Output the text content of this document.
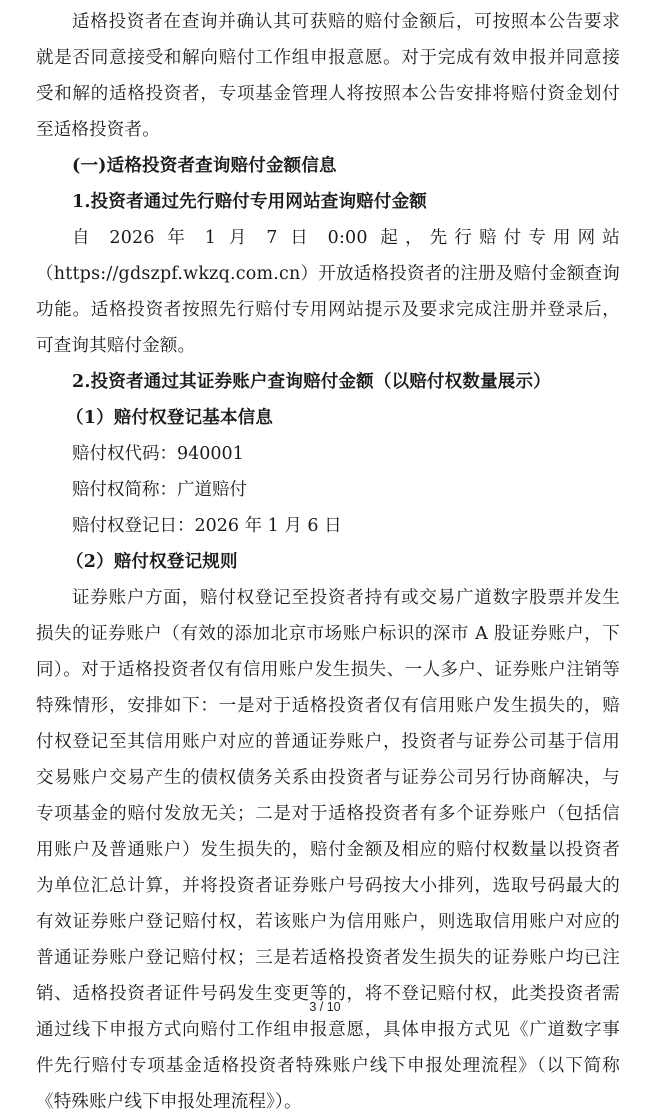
适格投资者在查询并确认其可获赔的赔付金额后，可按照本公告要求就是否同意接受和解向赔付工作组申报意愿。对于完成有效申报并同意接受和解的适格投资者，专项基金管理人将按照本公告安排将赔付资金划付至适格投资者。

(一)适格投资者查询赔付金额信息

1.投资者通过先行赔付专用网站查询赔付金额

自 2026 年 1 月 7 日 0:00 起，先行赔付专用网站

（https://gdszpf.wkzq.com.cn）开放适格投资者的注册及赔付金额查询功能。适格投资者按照先行赔付专用网站提示及要求完成注册并登录后，可查询其赔付金额。

2.投资者通过其证券账户查询赔付金额（以赔付权数量展示）

（1）赔付权登记基本信息

赔付权代码：940001

赔付权简称：广道赔付

赔付权登记日：2026 年 1 月 6 日

（2）赔付权登记规则

证券账户方面，赔付权登记至投资者持有或交易广道数字股票并发生损失的证券账户（有效的添加北京市场账户标识的深市 A 股证券账户，下同）。对于适格投资者仅有信用账户发生损失、一人多户、证券账户注销等特殊情形，安排如下：一是对于适格投资者仅有信用账户发生损失的，赔付权登记至其信用账户对应的普通证券账户，投资者与证券公司基于信用交易账户交易产生的债权债务关系由投资者与证券公司另行协商解决，与专项基金的赔付发放无关；二是对于适格投资者有多个证券账户（包括信用账户及普通账户）发生损失的，赔付金额及相应的赔付权数量以投资者为单位汇总计算，并将投资者证券账户号码按大小排列，选取号码最大的有效证券账户登记赔付权，若该账户为信用账户，则选取信用账户对应的普通证券账户登记赔付权；三是若适格投资者发生损失的证券账户均已注销、适格投资者证件号码发生变更等的，将不登记赔付权，此类投资者需通过线下申报方式向赔付工作组申报意愿，具体申报方式见《广道数字事件先行赔付专项基金适格投资者特殊账户线下申报处理流程》（以下简称《特殊账户线下申报处理流程》）。

3 / 10
